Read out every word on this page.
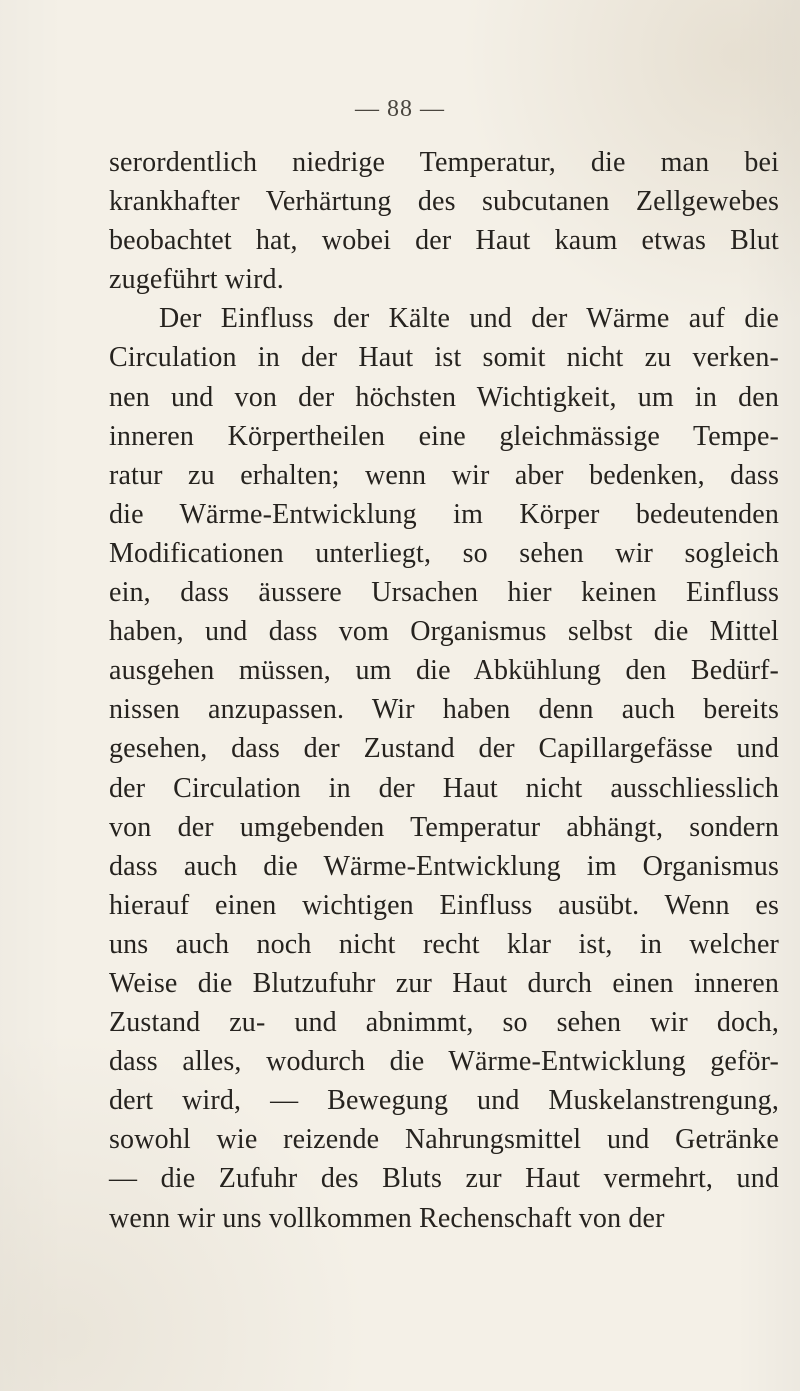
— 88 —
serordentlich niedrige Temperatur, die man bei
krankhafter Verhärtung des subcutanen Zellgewebes
beobachtet hat, wobei der Haut kaum etwas Blut
zugeführt wird.
Der Einfluss der Kälte und der Wärme auf die
Circulation in der Haut ist somit nicht zu verken-
nen und von der höchsten Wichtigkeit, um in den
inneren Körpertheilen eine gleichmässige Tempe-
ratur zu erhalten; wenn wir aber bedenken, dass
die Wärme-Entwicklung im Körper bedeutenden
Modificationen unterliegt, so sehen wir sogleich
ein, dass äussere Ursachen hier keinen Einfluss
haben, und dass vom Organismus selbst die Mittel
ausgehen müssen, um die Abkühlung den Bedürf-
nissen anzupassen. Wir haben denn auch bereits
gesehen, dass der Zustand der Capillargefässe und
der Circulation in der Haut nicht ausschliesslich
von der umgebenden Temperatur abhängt, sondern
dass auch die Wärme-Entwicklung im Organismus
hierauf einen wichtigen Einfluss ausübt. Wenn es
uns auch noch nicht recht klar ist, in welcher
Weise die Blutzufuhr zur Haut durch einen inneren
Zustand zu- und abnimmt, so sehen wir doch,
dass alles, wodurch die Wärme-Entwicklung geför-
dert wird, — Bewegung und Muskelanstrengung,
sowohl wie reizende Nahrungsmittel und Getränke
— die Zufuhr des Bluts zur Haut vermehrt, und
wenn wir uns vollkommen Rechenschaft von der
